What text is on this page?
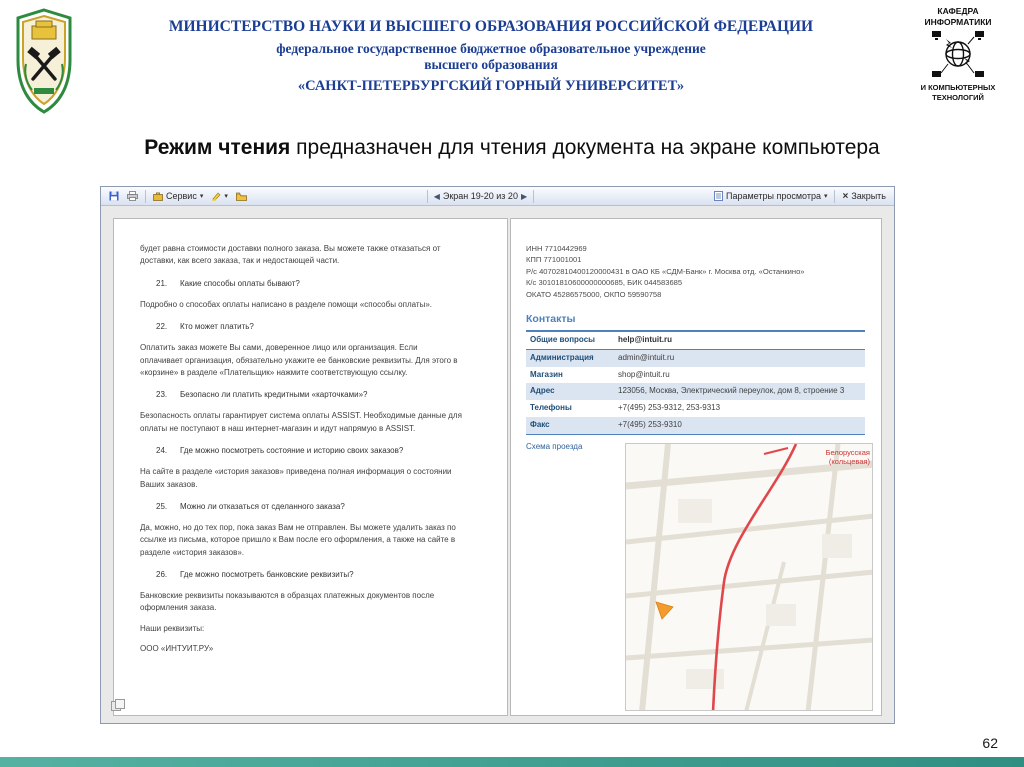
МИНИСТЕРСТВО НАУКИ И ВЫСШЕГО ОБРАЗОВАНИЯ РОССИЙСКОЙ ФЕДЕРАЦИИ
федеральное государственное бюджетное образовательное учреждение
высшего образования
«САНКТ-ПЕТЕРБУРГСКИЙ ГОРНЫЙ УНИВЕРСИТЕТ»
КАФЕДРА
ИНФОРМАТИКИ
И КОМПЬЮТЕРНЫХ
ТЕХНОЛОГИЙ
Режим чтения предназначен для чтения документа на экране компьютера
Сервис ▾	▾	◀ Экран 19-20 из 20 ▶	Параметры просмотра ▾ × Закрыть
будет равна стоимости доставки полного заказа. Вы можете также отказаться от доставки, как всего заказа, так и недостающей части.
21. Какие способы оплаты бывают?
Подробно о способах оплаты написано в разделе помощи «способы оплаты».
22. Кто может платить?
Оплатить заказ можете Вы сами, доверенное лицо или организация. Если оплачивает организация, обязательно укажите ее банковские реквизиты. Для этого в «корзине» в разделе «Плательщик» нажмите соответствующую ссылку.
23. Безопасно ли платить кредитными «карточками»?
Безопасность оплаты гарантирует система оплаты ASSIST. Необходимые данные для оплаты не поступают в наш интернет-магазин и идут напрямую в ASSIST.
24. Где можно посмотреть состояние и историю своих заказов?
На сайте в разделе «история заказов» приведена полная информация о состоянии Ваших заказов.
25. Можно ли отказаться от сделанного заказа?
Да, можно, но до тех пор, пока заказ Вам не отправлен. Вы можете удалить заказ по ссылке из письма, которое пришло к Вам после его оформления, а также на сайте в разделе «история заказов».
26. Где можно посмотреть банковские реквизиты?
Банковские реквизиты показываются в образцах платежных документов после оформления заказа.
Наши реквизиты:
ООО «ИНТУИТ.РУ»
ИНН 7710442969
КПП 771001001
Р/с 40702810400120000431 в ОАО КБ «СДМ-Банк» г. Москва отд. «Останкино»
К/с 30101810600000000685, БИК 044583685
ОКАТО 45286575000, ОКПО 59590758
Контакты
Общие вопросы	help@intuit.ru
Администрация	admin@intuit.ru
Магазин	shop@intuit.ru
Адрес	123056, Москва, Электрический переулок, дом 8, строение 3
Телефоны	+7(495) 253-9312, 253-9313
Факс	+7(495) 253-9310
Схема проезда
Белорусская
(кольцевая)
62
